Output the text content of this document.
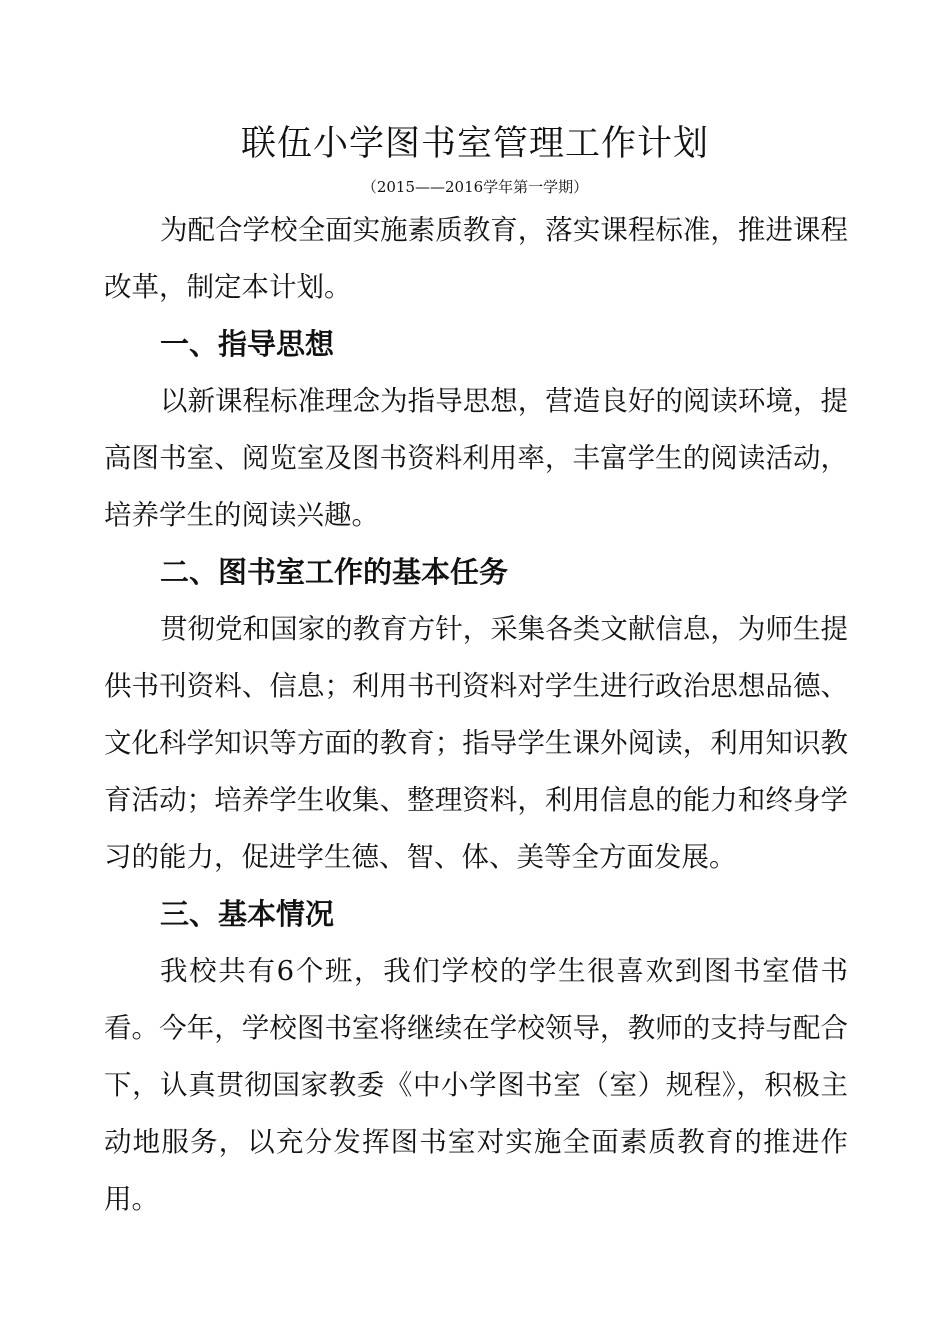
联伍小学图书室管理工作计划
（2015——2016学年第一学期）

为配合学校全面实施素质教育，落实课程标准，推进课程改革，制定本计划。

一、指导思想

以新课程标准理念为指导思想，营造良好的阅读环境，提高图书室、阅览室及图书资料利用率，丰富学生的阅读活动，培养学生的阅读兴趣。

二、图书室工作的基本任务

贯彻党和国家的教育方针，采集各类文献信息，为师生提供书刊资料、信息；利用书刊资料对学生进行政治思想品德、文化科学知识等方面的教育；指导学生课外阅读，利用知识教育活动；培养学生收集、整理资料，利用信息的能力和终身学习的能力，促进学生德、智、体、美等全方面发展。

三、基本情况

我校共有6个班，我们学校的学生很喜欢到图书室借书看。今年，学校图书室将继续在学校领导，教师的支持与配合下，认真贯彻国家教委《中小学图书室（室）规程》，积极主动地服务，以充分发挥图书室对实施全面素质教育的推进作用。
